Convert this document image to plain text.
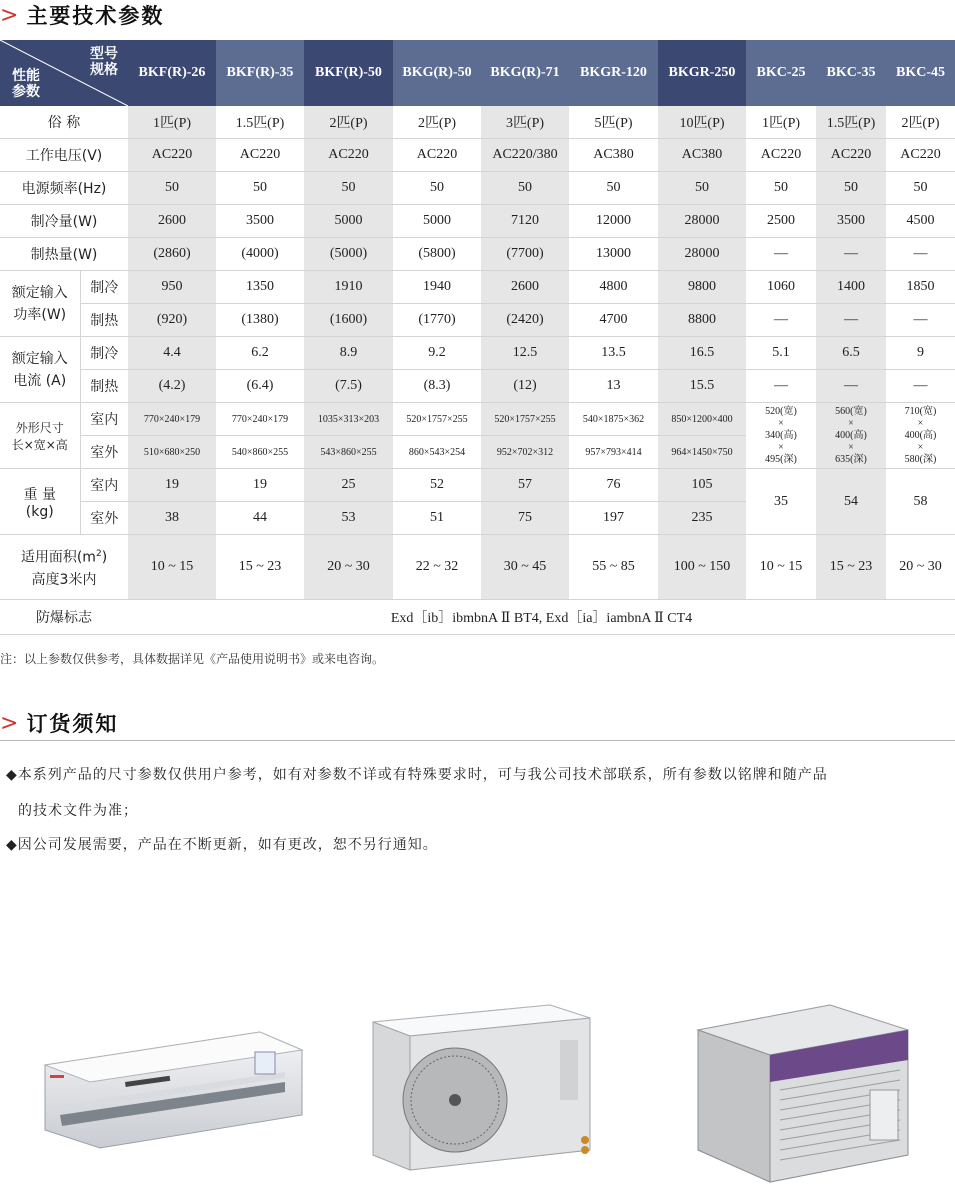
> 主要技术参数
型号
规格
性能
参数		BKF(R)-26	BKF(R)-35	BKF(R)-50	BKG(R)-50	BKG(R)-71	BKGR-120	BKGR-250	BKC-25	BKC-35	BKC-45
俗 称		1匹(P)	1.5匹(P)	2匹(P)	2匹(P)	3匹(P)	5匹(P)	10匹(P)	1匹(P)	1.5匹(P)	2匹(P)
工作电压(V)		AC220	AC220	AC220	AC220	AC220/380	AC380	AC380	AC220	AC220	AC220
电源频率(Hz)		50	50	50	50	50	50	50	50	50	50
制冷量(W)		2600	3500	5000	5000	7120	12000	28000	2500	3500	4500
制热量(W)		(2860)	(4000)	(5000)	(5800)	(7700)	13000	28000	—	—	—
额定输入
功率(W)	制冷	950	1350	1910	1940	2600	4800	9800	1060	1400	1850
	制热	(920)	(1380)	(1600)	(1770)	(2420)	4700	8800	—	—	—
额定输入
电流 (A)	制冷	4.4	6.2	8.9	9.2	12.5	13.5	16.5	5.1	6.5	9
	制热	(4.2)	(6.4)	(7.5)	(8.3)	(12)	13	15.5	—	—	—
外形尺寸
长×宽×高	室内	770×240×179	770×240×179	1035×313×203	520×1757×255	520×1757×255	540×1875×362	850×1200×400	520(宽)
×
340(高)
×
495(深)	560(宽)
×
400(高)
×
635(深)	710(宽)
×
400(高)
×
580(深)
	室外	510×680×250	540×860×255	543×860×255	860×543×254	952×702×312	957×793×414	964×1450×750			
重 量
(kg)	室内	19	19	25	52	57	76	105	35	54	58
	室外	38	44	53	51	75	197	235			
适用面积$(m^2)$
高度3米内		10 ~ 15	15 ~ 23	20 ~ 30	22 ~ 32	30 ~ 45	55 ~ 85	100 ~ 150	10 ~ 15	15 ~ 23	20 ~ 30
防爆标志		Exd［ib］ibmbnA Ⅱ BT4, Exd［ia］iambnA Ⅱ CT4									
注：以上参数仅供参考，具体数据详见《产品使用说明书》或来电咨询。
> 订货须知
◆本系列产品的尺寸参数仅供用户参考，如有对参数不详或有特殊要求时，可与我公司技术部联系，所有参数以铭牌和随产品
的技术文件为准；
◆因公司发展需要，产品在不断更新，如有更改，恕不另行通知。
